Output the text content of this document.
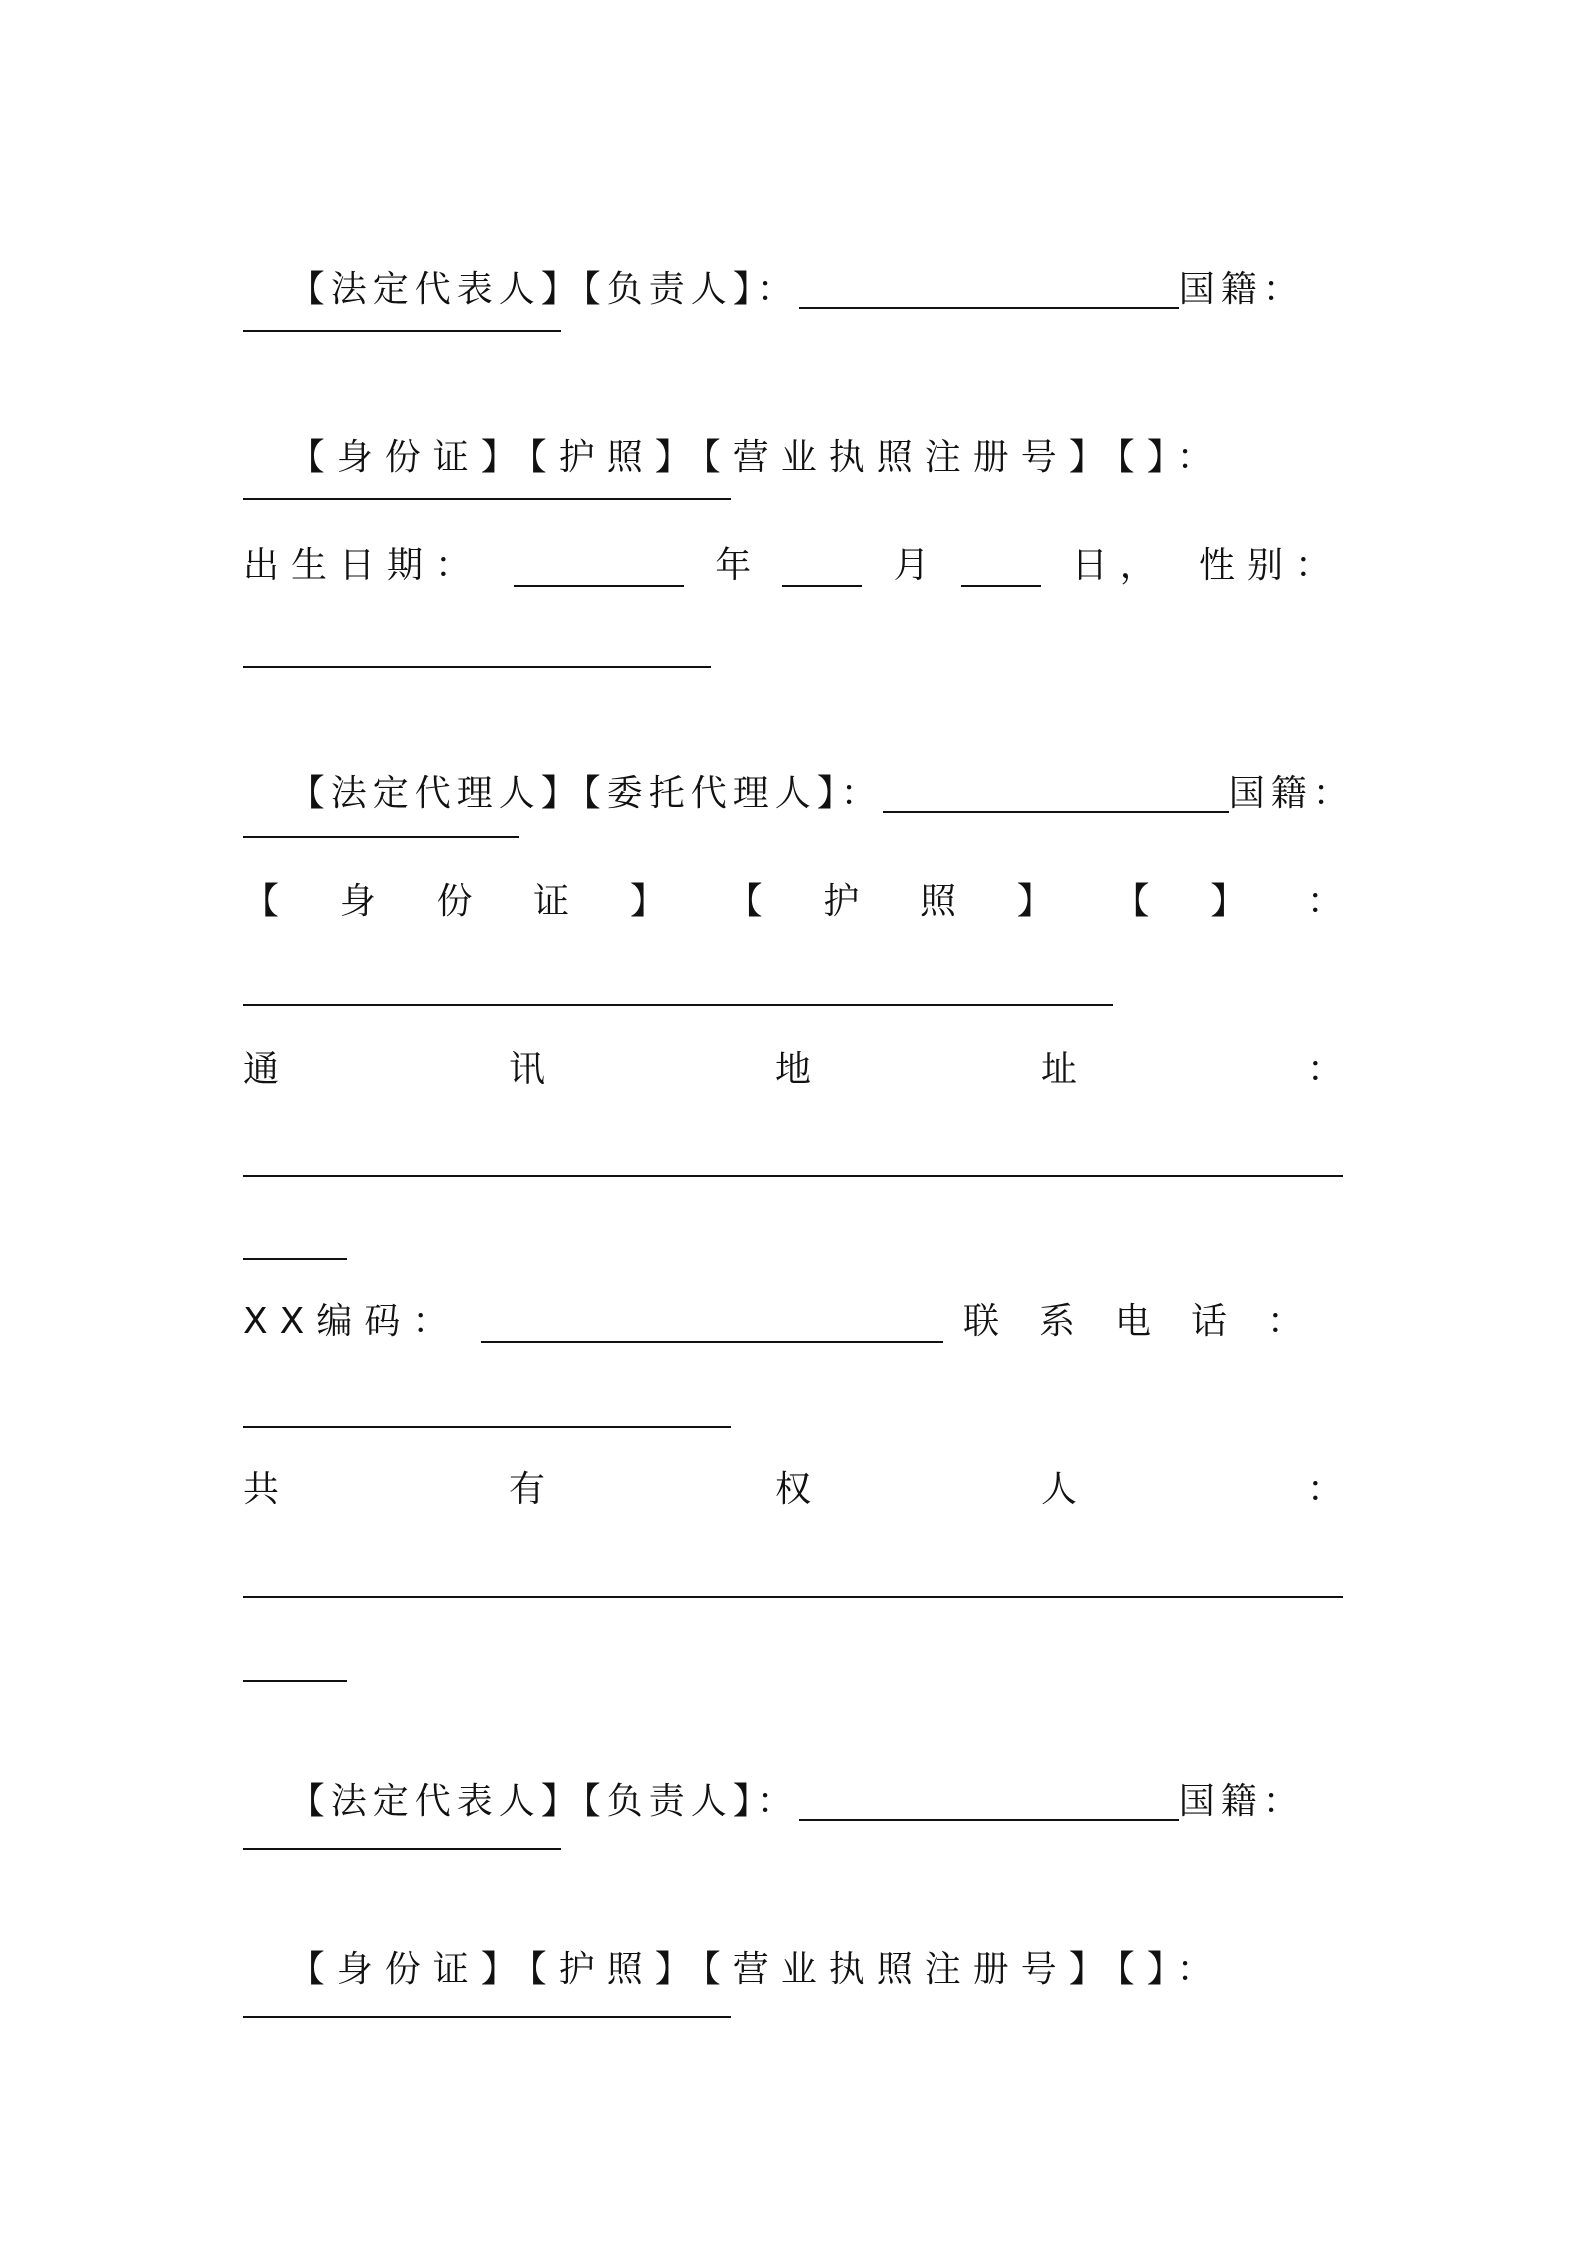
【法定代表人】【负责人】：	国籍：

【身份证】【护照】【营业执照注册号】【】：

出生日期：	年	月	日， 性别：

【法定代理人】【委托代理人】：	国籍：

【 身 份 证 】 【 护 照 】 【 】 ：
通	讯	地	址	：
XX编码：	联系电话：
共	有	权	人	：

【法定代表人】【负责人】：	国籍：

【身份证】【护照】【营业执照注册号】【】：
